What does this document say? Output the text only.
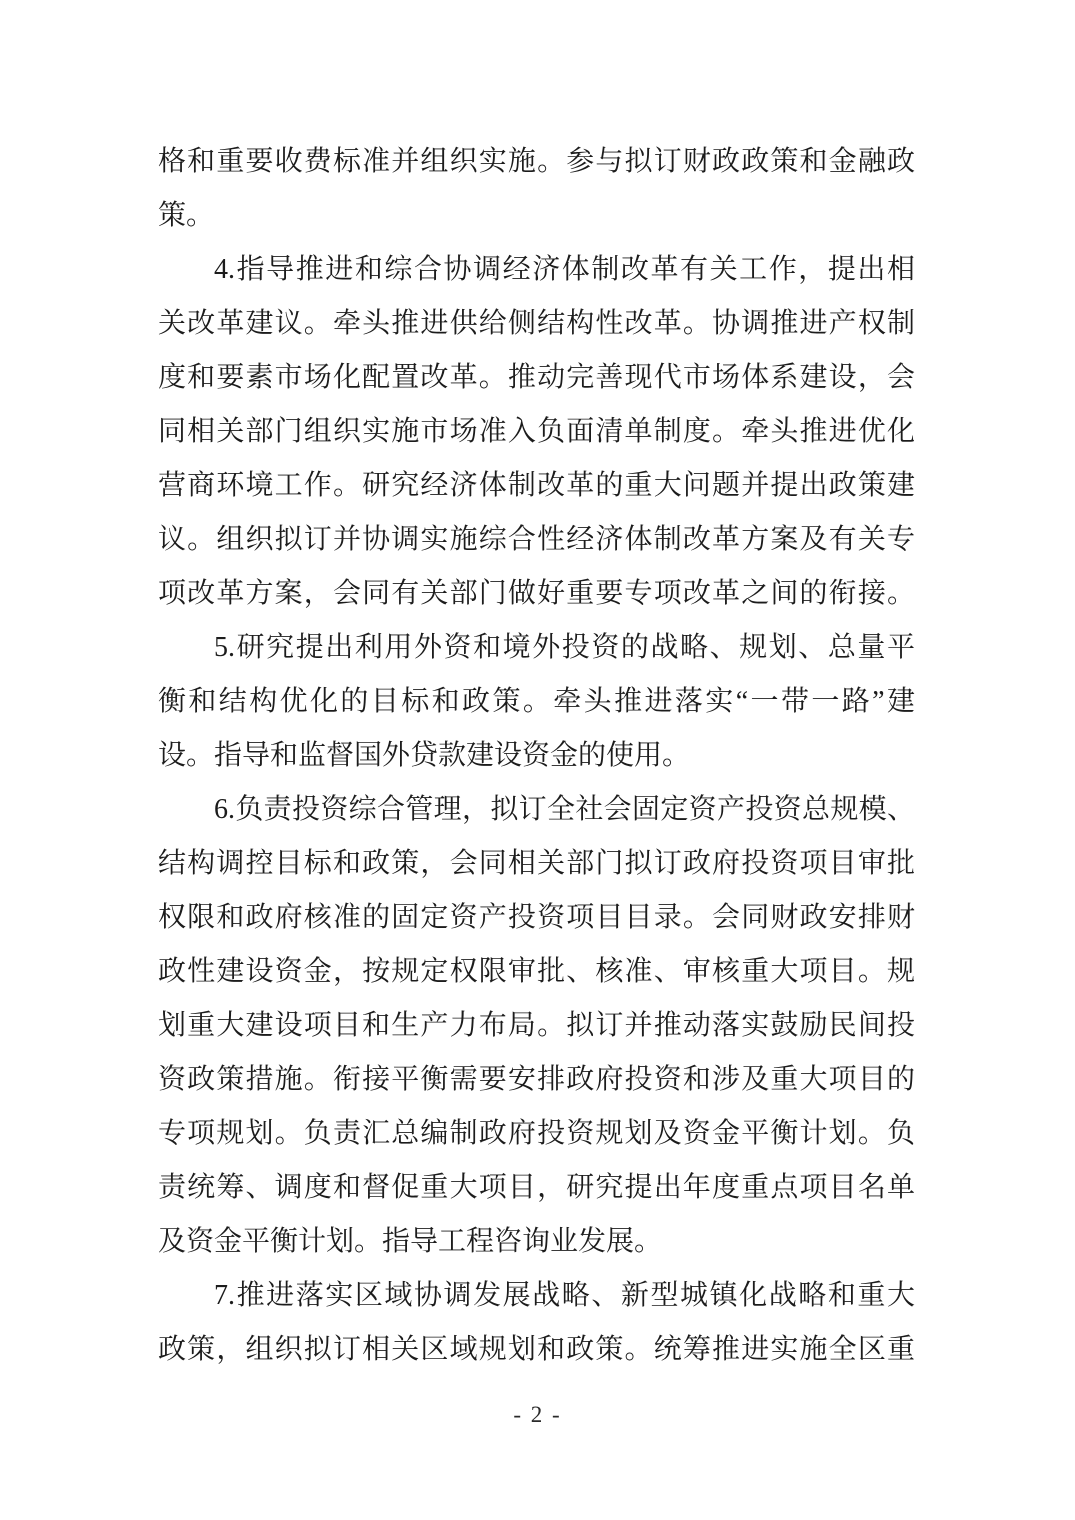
格和重要收费标准并组织实施。参与拟订财政政策和金融政
策。
4.指导推进和综合协调经济体制改革有关工作，提出相
关改革建议。牵头推进供给侧结构性改革。协调推进产权制
度和要素市场化配置改革。推动完善现代市场体系建设，会
同相关部门组织实施市场准入负面清单制度。牵头推进优化
营商环境工作。研究经济体制改革的重大问题并提出政策建
议。组织拟订并协调实施综合性经济体制改革方案及有关专
项改革方案，会同有关部门做好重要专项改革之间的衔接。
5.研究提出利用外资和境外投资的战略、规划、总量平
衡和结构优化的目标和政策。牵头推进落实“一带一路”建
设。指导和监督国外贷款建设资金的使用。
6.负责投资综合管理，拟订全社会固定资产投资总规模、
结构调控目标和政策，会同相关部门拟订政府投资项目审批
权限和政府核准的固定资产投资项目目录。会同财政安排财
政性建设资金，按规定权限审批、核准、审核重大项目。规
划重大建设项目和生产力布局。拟订并推动落实鼓励民间投
资政策措施。衔接平衡需要安排政府投资和涉及重大项目的
专项规划。负责汇总编制政府投资规划及资金平衡计划。负
责统筹、调度和督促重大项目，研究提出年度重点项目名单
及资金平衡计划。指导工程咨询业发展。
7.推进落实区域协调发展战略、新型城镇化战略和重大
政策，组织拟订相关区域规划和政策。统筹推进实施全区重
- 2 -
